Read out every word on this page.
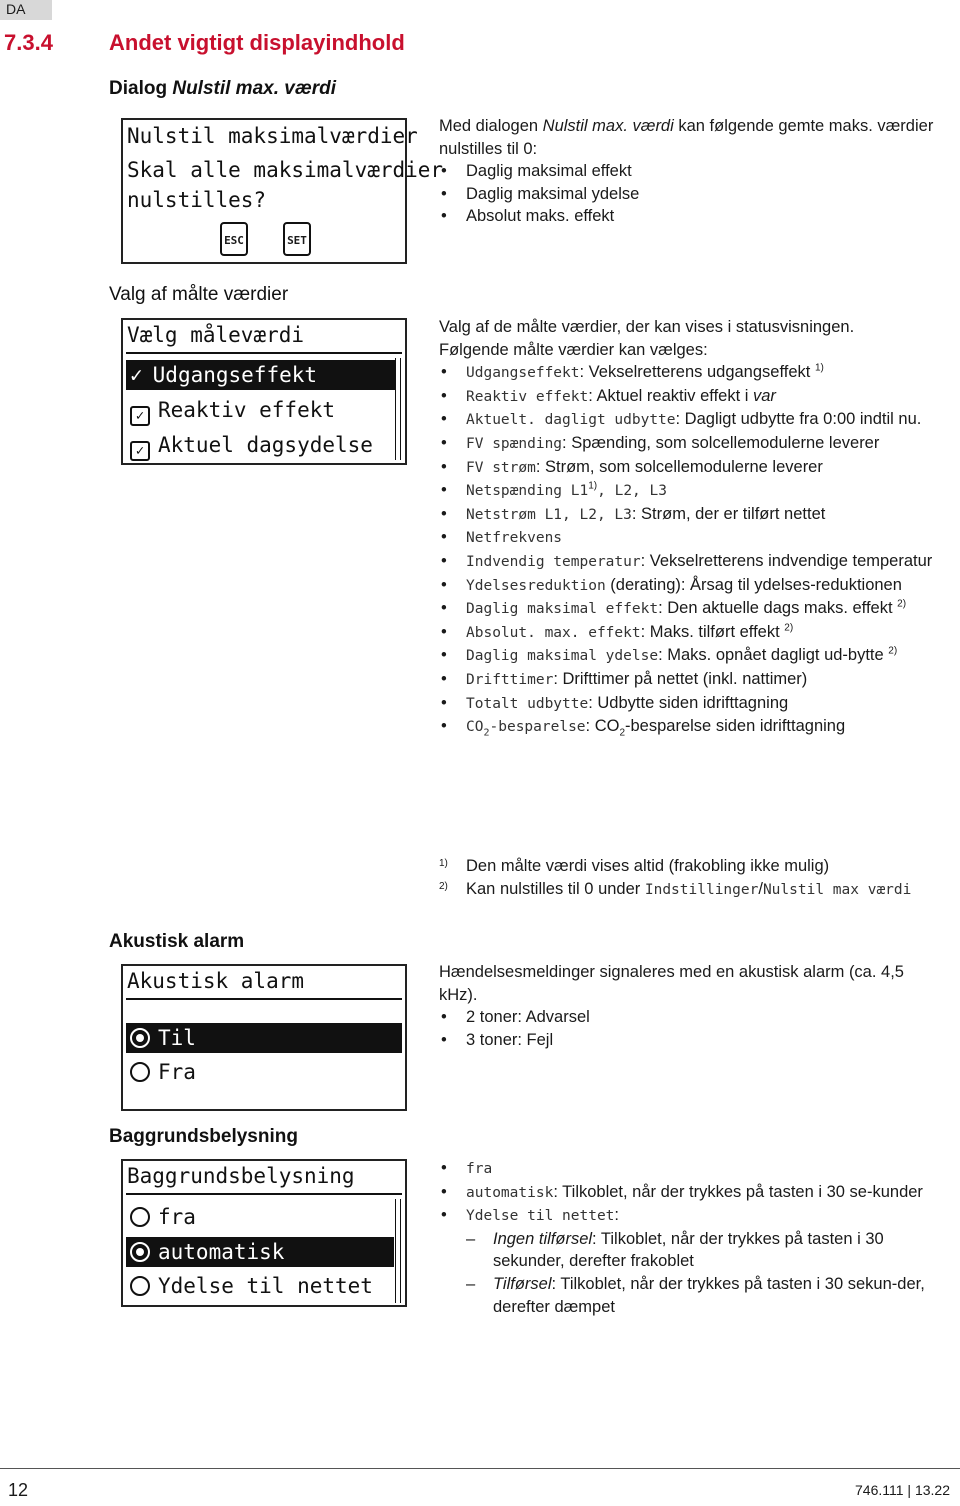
DA
7.3.4	Andet vigtigt displayindhold
Dialog Nulstil max. værdi
Nulstil maksimalværdier
Skal alle maksimalværdier
nulstilles?
ESC	SET

Med dialogen Nulstil max. værdi kan følgende gemte maks. værdier nulstilles til 0:

• Daglig maksimal effekt
• Daglig maksimal ydelse
• Absolut maks. effekt
Valg af målte værdier
Vælg måleværdi
✓ Udgangseffekt
✓ Reaktiv effekt
✓ Aktuel dagsydelse

Valg af de målte værdier, der kan vises i statusvisningen.

Følgende målte værdier kan vælges:

• Udgangseffekt: Vekselretterens udgangseffekt $^{1)}$
• Reaktiv effekt: Aktuel reaktiv effekt i var
• Aktuelt. dagligt udbytte: Dagligt udbytte fra 0:00 indtil nu.
• FV spænding: Spænding, som solcellemodulerne leverer
• FV strøm: Strøm, som solcellemodulerne leverer
• Netspænding L1$^{1)}$, L2, L3
• Netstrøm L1, L2, L3: Strøm, der er tilført nettet
• Netfrekvens
• Indvendig temperatur: Vekselretterens indvendige temperatur
• Ydelsesreduktion (derating): Årsag til ydelses-reduktionen
• Daglig maksimal effekt: Den aktuelle dags maks. effekt $^{2)}$
• Absolut. max. effekt: Maks. tilført effekt $^{2)}$
• Daglig maksimal ydelse: Maks. opnået dagligt ud-bytte $^{2)}$
• Drifttimer: Drifttimer på nettet (inkl. nattimer)
• Totalt udbytte: Udbytte siden idrifttagning
• $CO_2$-besparelse: $CO_2$-besparelse siden idrifttagning
1) Den målte værdi vises altid (frakobling ikke mulig)
2) Kan nulstilles til 0 under Indstillinger/Nulstil max værdi
Akustisk alarm
Akustisk alarm
Til
Fra

Hændelsesmeldinger signaleres med en akustisk alarm (ca. 4,5 kHz).

• 2 toner: Advarsel
• 3 toner: Fejl
Baggrundsbelysning
Baggrundsbelysning
fra
automatisk
Ydelse til nettet
• fra
• automatisk: Tilkoblet, når der trykkes på tasten i 30 se-kunder
• Ydelse til nettet:
– Ingen tilførsel: Tilkoblet, når der trykkes på tasten i 30 sekunder, derefter frakoblet
– Tilførsel: Tilkoblet, når der trykkes på tasten i 30 sekun-der, derefter dæmpet
12	746.111 | 13.22
